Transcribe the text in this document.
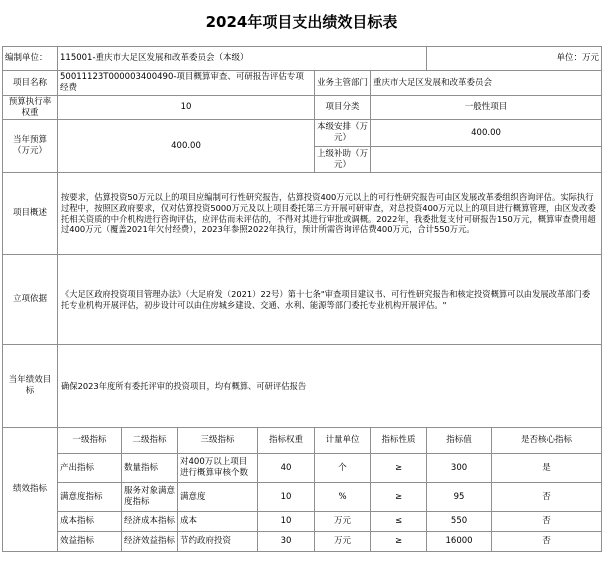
2024年项目支出绩效目标表
编制单位：	115001-重庆市大足区发展和改革委员会（本级）						单位：万元	
项目名称	50011123T000003400490-项目概算审查、可研报告评估专项经费				业务主管部门	重庆市大足区发展和改革委员会		
预算执行率权重	10				项目分类	一般性项目		
当年预算（万元）	400.00				本级安排（万元）	400.00		
					上级补助（万元）			
项目概述	按要求，估算投资50万元以上的项目应编制可行性研究报告，估算投资400万元以上的可行性研究报告可由区发展改革委组织咨询评估。实际执行过程中，按照区政府要求，仅对估算投资5000万元及以上项目委托第三方开展可研审查，对总投资400万元以上的项目进行概算管理，由区发改委托相关资质的中介机构进行咨询评估，应评估而未评估的，不得对其进行审批或调概。2022年，我委批复支付可研报告150万元，概算审查费用超过400万元（覆盖2021年欠付经费），2023年参照2022年执行，预计所需咨询评估费400万元，合计550万元。							
立项依据	《大足区政府投资项目管理办法》（大足府发（2021）22号）第十七条"审查项目建议书、可行性研究报告和核定投资概算可以由发展改革部门委托专业机构开展评估，初步设计可以由住房城乡建设、交通、水利、能源等部门委托专业机构开展评估。"							
当年绩效目标	确保2023年度所有委托评审的投资项目，均有概算、可研评估报告							
绩效指标	一级指标	二级指标	三级指标	指标权重	计量单位	指标性质	指标值	是否核心指标
	产出指标	数量指标	对400万以上项目进行概算审核个数	40	个	≥	300	是
	满意度指标	服务对象满意度指标	满意度	10	%	≥	95	否
	成本指标	经济成本指标	成本	10	万元	≤	550	否
	效益指标	经济效益指标	节约政府投资	30	万元	≥	16000	否
